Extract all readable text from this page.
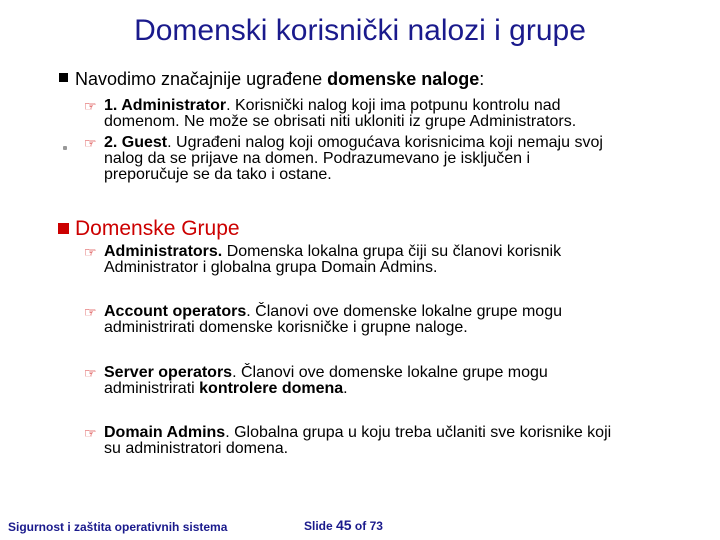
Domenski korisnički nalozi i grupe
Navodimo značajnije ugrađene domenske naloge:
☞ 1. Administrator. Korisnički nalog koji ima potpunu kontrolu nad
domenom. Ne može se obrisati niti ukloniti iz grupe Administrators.
☞ 2. Guest. Ugrađeni nalog koji omogućava korisnicima koji nemaju svoj
nalog da se prijave na domen. Podrazumevano je isključen i
preporučuje se da tako i ostane.
Domenske Grupe
☞ Administrators. Domenska lokalna grupa čiji su članovi korisnik
Administrator i globalna grupa Domain Admins.
☞ Account operators. Članovi ove domenske lokalne grupe mogu
administrirati domenske korisničke i grupne naloge.
☞ Server operators. Članovi ove domenske lokalne grupe mogu
administrirati kontrolere domena.
☞ Domain Admins. Globalna grupa u koju treba učlaniti sve korisnike koji
su administratori domena.
Sigurnost i zaštita operativnih sistema	Slide 45 of 73
